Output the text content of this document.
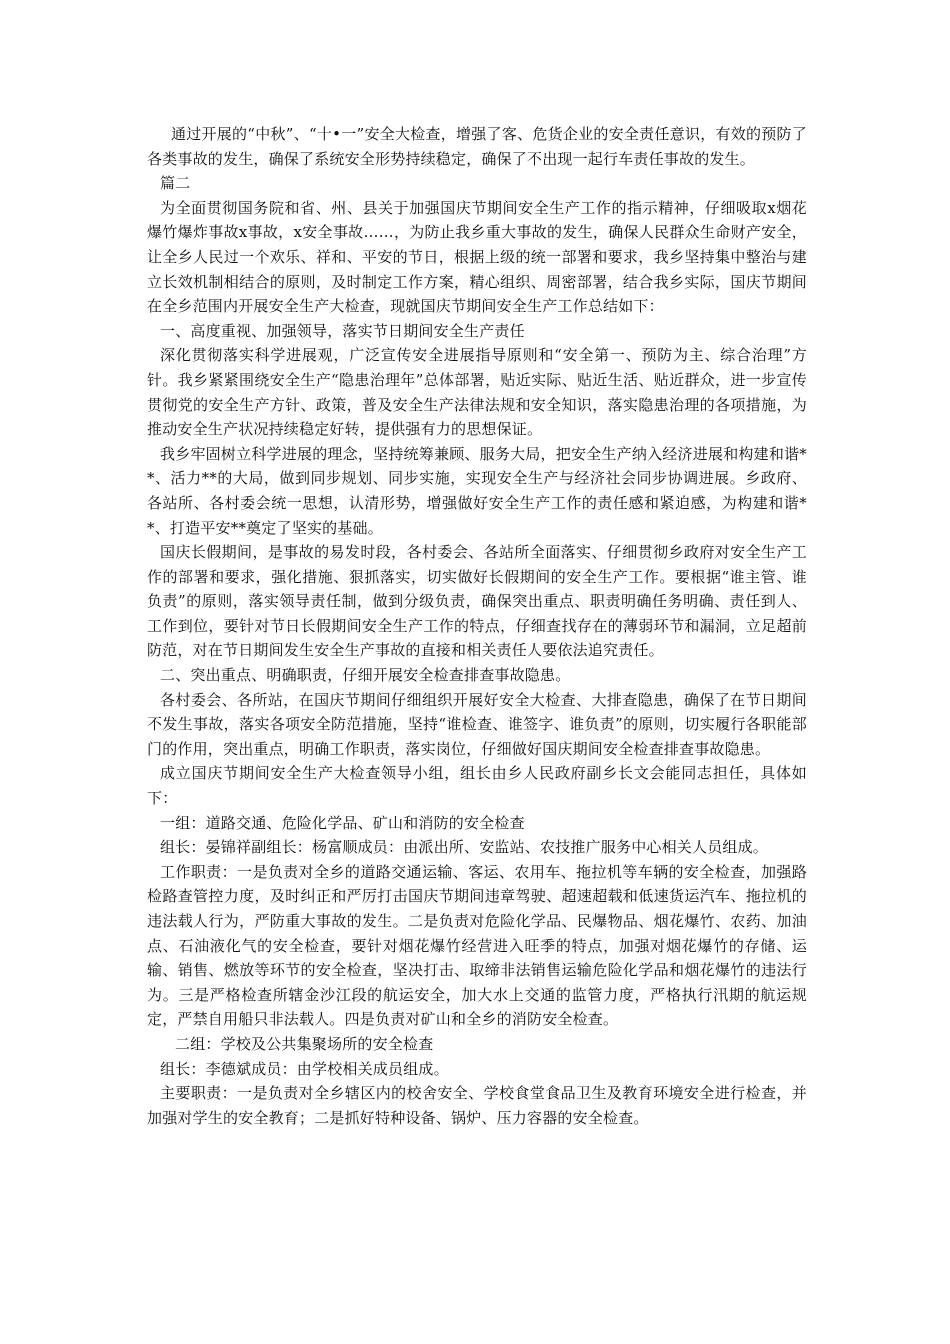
通过开展的“中秋”、“十•一”安全大检查，增强了客、危货企业的安全责任意识，有效的预防了各类事故的发生，确保了系统安全形势持续稳定，确保了不出现一起行车责任事故的发生。

篇二

为全面贯彻国务院和省、州、县关于加强国庆节期间安全生产工作的指示精神，仔细吸取x烟花爆竹爆炸事故x事故，x安全事故……，为防止我乡重大事故的发生，确保人民群众生命财产安全，让全乡人民过一个欢乐、祥和、平安的节日，根据上级的统一部署和要求，我乡坚持集中整治与建立长效机制相结合的原则，及时制定工作方案，精心组织、周密部署，结合我乡实际，国庆节期间在全乡范围内开展安全生产大检查，现就国庆节期间安全生产工作总结如下：

一、高度重视、加强领导，落实节日期间安全生产责任

深化贯彻落实科学进展观，广泛宣传安全进展指导原则和“安全第一、预防为主、综合治理”方针。我乡紧紧围绕安全生产“隐患治理年”总体部署，贴近实际、贴近生活、贴近群众，进一步宣传贯彻党的安全生产方针、政策，普及安全生产法律法规和安全知识，落实隐患治理的各项措施，为推动安全生产状况持续稳定好转，提供强有力的思想保证。

我乡牢固树立科学进展的理念，坚持统筹兼顾、服务大局，把安全生产纳入经济进展和构建和谐**、活力**的大局，做到同步规划、同步实施，实现安全生产与经济社会同步协调进展。乡政府、各站所、各村委会统一思想，认清形势，增强做好安全生产工作的责任感和紧迫感，为构建和谐**、打造平安**奠定了坚实的基础。

国庆长假期间，是事故的易发时段，各村委会、各站所全面落实、仔细贯彻乡政府对安全生产工作的部署和要求，强化措施、狠抓落实，切实做好长假期间的安全生产工作。要根据“谁主管、谁负责”的原则，落实领导责任制，做到分级负责，确保突出重点、职责明确任务明确、责任到人、工作到位，要针对节日长假期间安全生产工作的特点，仔细查找存在的薄弱环节和漏洞，立足超前防范，对在节日期间发生安全生产事故的直接和相关责任人要依法追究责任。

二、突出重点、明确职责，仔细开展安全检查排查事故隐患。

各村委会、各所站，在国庆节期间仔细组织开展好安全大检查、大排查隐患，确保了在节日期间不发生事故，落实各项安全防范措施，坚持“谁检查、谁签字、谁负责”的原则，切实履行各职能部门的作用，突出重点，明确工作职责，落实岗位，仔细做好国庆期间安全检查排查事故隐患。

成立国庆节期间安全生产大检查领导小组，组长由乡人民政府副乡长文会能同志担任，具体如下：

一组：道路交通、危险化学品、矿山和消防的安全检查

组长：晏锦祥副组长：杨富顺成员：由派出所、安监站、农技推广服务中心相关人员组成。

工作职责：一是负责对全乡的道路交通运输、客运、农用车、拖拉机等车辆的安全检查，加强路检路查管控力度，及时纠正和严厉打击国庆节期间违章驾驶、超速超载和低速货运汽车、拖拉机的违法载人行为，严防重大事故的发生。二是负责对危险化学品、民爆物品、烟花爆竹、农药、加油点、石油液化气的安全检查，要针对烟花爆竹经营进入旺季的特点，加强对烟花爆竹的存储、运输、销售、燃放等环节的安全检查，坚决打击、取缔非法销售运输危险化学品和烟花爆竹的违法行为。三是严格检查所辖金沙江段的航运安全，加大水上交通的监管力度，严格执行汛期的航运规定，严禁自用船只非法载人。四是负责对矿山和全乡的消防安全检查。

二组：学校及公共集聚场所的安全检查

组长：李德斌成员：由学校相关成员组成。

主要职责：一是负责对全乡辖区内的校舍安全、学校食堂食品卫生及教育环境安全进行检查，并加强对学生的安全教育；二是抓好特种设备、锅炉、压力容器的安全检查。
